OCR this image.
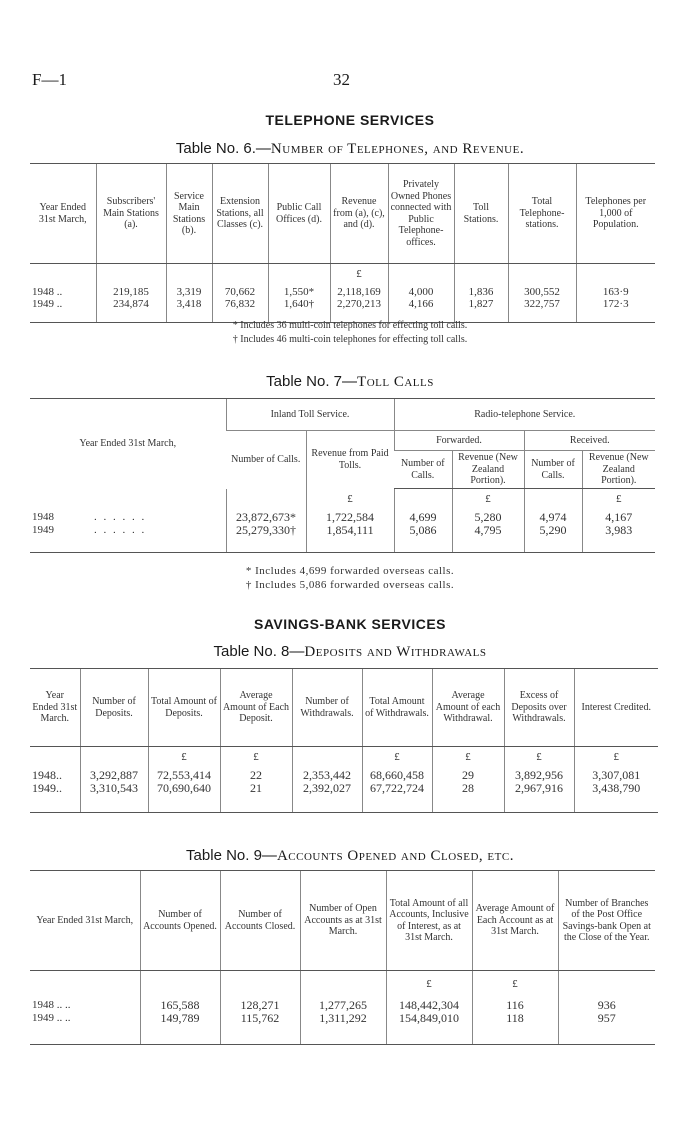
F—1	32
TELEPHONE SERVICES
Table No. 6.—Number of Telephones, and Revenue.
Year Ended 31st March,	Subscribers' Main Stations (a).	Service Main Stations (b).	Extension Stations, all Classes (c).	Public Call Offices (d).	Revenue from (a), (c), and (d).	Privately Owned Phones connected with Public Telephone-offices.	Toll Stations.	Total Telephone-stations.	Telephones per 1,000 of Population.
					£				
1948 ..	219,185	3,319	70,662	1,550*	2,118,169	4,000	1,836	300,552	163·9
1949 ..	234,874	3,418	76,832	1,640†	2,270,213	4,166	1,827	322,757	172·3
* Includes 36 multi-coin telephones for effecting toll calls.
† Includes 46 multi-coin telephones for effecting toll calls.
Table No. 7—Toll Calls
Year Ended 31st March,	Inland Toll Service.		Radio-telephone Service.			
	Number of Calls.	Revenue from Paid Tolls.	Forwarded.		Received.	
			Number of Calls.	Revenue (New Zealand Portion).	Number of Calls.	Revenue (New Zealand Portion).
		£		£		£
1948 . . . . . .	23,872,673*	1,722,584	4,699	5,280	4,974	4,167
1949 . . . . . .	25,279,330†	1,854,111	5,086	4,795	5,290	3,983
* Includes 4,699 forwarded overseas calls.
† Includes 5,086 forwarded overseas calls.
SAVINGS-BANK SERVICES
Table No. 8—Deposits and Withdrawals
Year Ended 31st March.	Number of Deposits.	Total Amount of Deposits.	Average Amount of Each Deposit.	Number of Withdrawals.	Total Amount of Withdrawals.	Average Amount of each Withdrawal.	Excess of Deposits over Withdrawals.	Interest Credited.
		£	£		£	£	£	£
1948..	3,292,887	72,553,414	22	2,353,442	68,660,458	29	3,892,956	3,307,081
1949..	3,310,543	70,690,640	21	2,392,027	67,722,724	28	2,967,916	3,438,790
Table No. 9—Accounts Opened and Closed, etc.
Year Ended 31st March,	Number of Accounts Opened.	Number of Accounts Closed.	Number of Open Accounts as at 31st March.	Total Amount of all Accounts, Inclusive of Interest, as at 31st March.	Average Amount of Each Account as at 31st March.	Number of Branches of the Post Office Savings-bank Open at the Close of the Year.
				£	£	
1948 .. ..	165,588	128,271	1,277,265	148,442,304	116	936
1949 .. ..	149,789	115,762	1,311,292	154,849,010	118	957
